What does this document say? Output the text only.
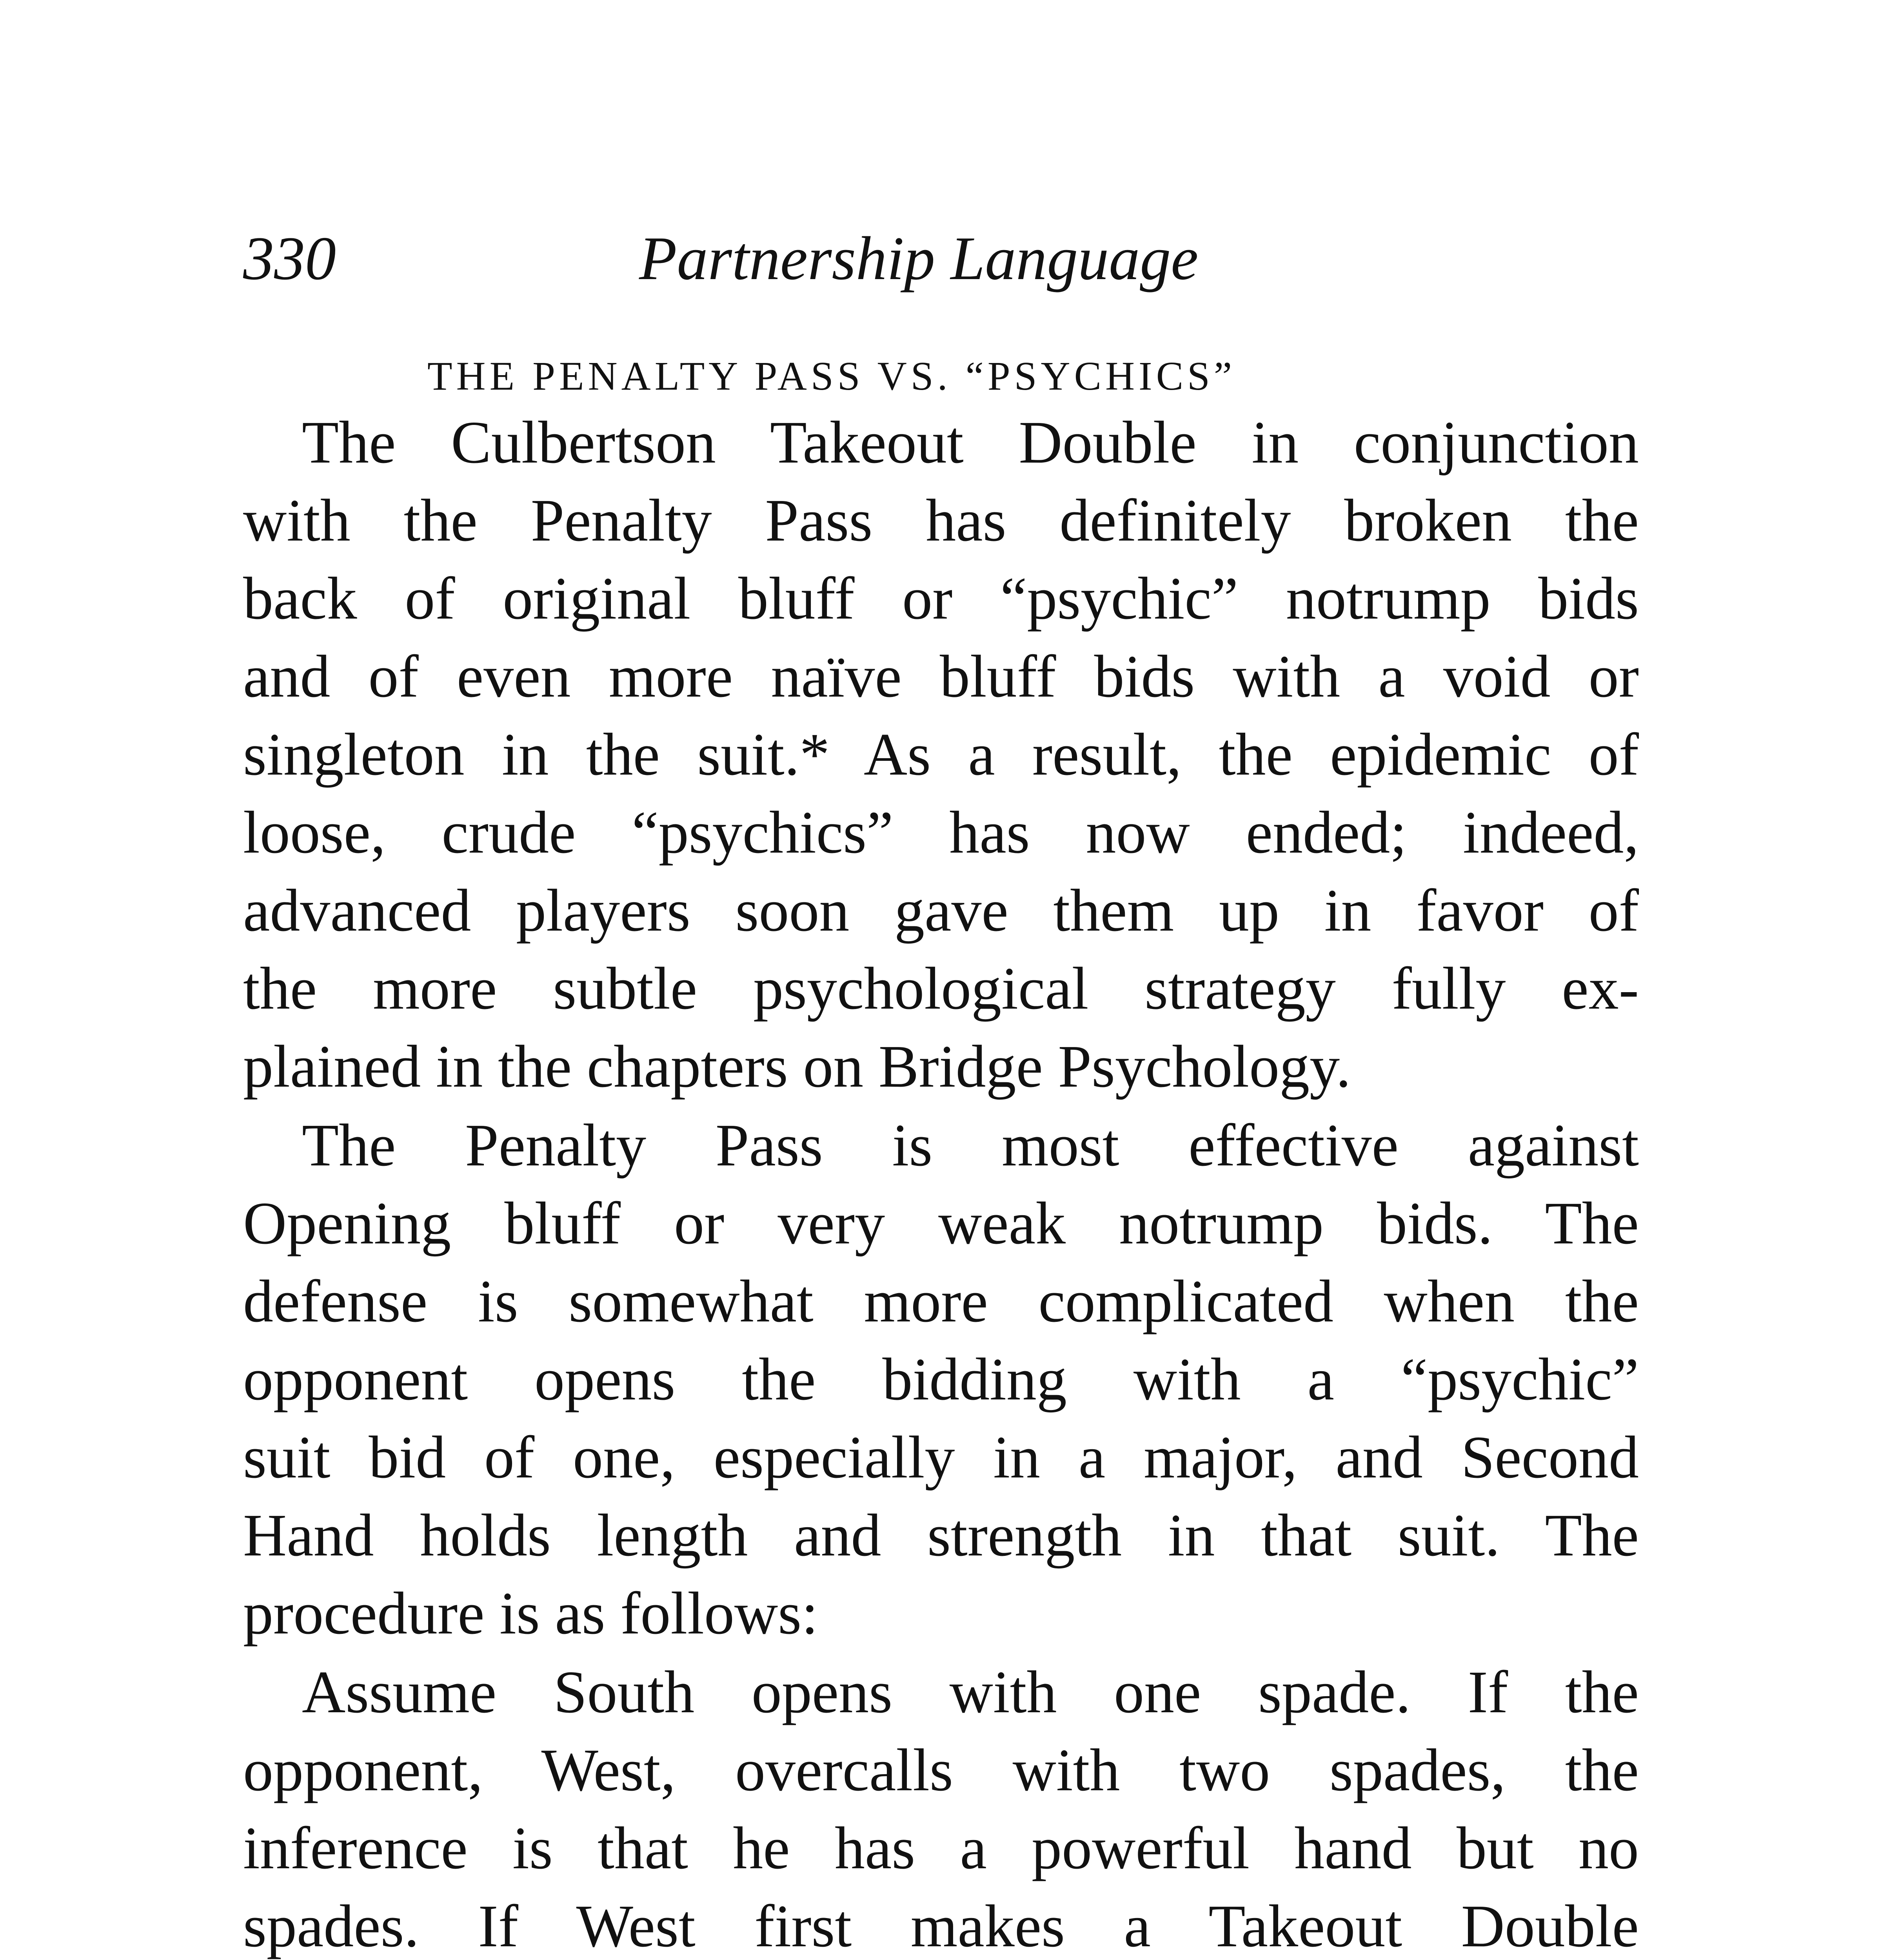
330	Partnership Language
THE PENALTY PASS VS. “PSYCHICS”

The Culbertson Takeout Double in conjunction
with the Penalty Pass has definitely broken the
back of original bluff or “psychic” notrump bids
and of even more naïve bluff bids with a void or
singleton in the suit.* As a result, the epidemic of
loose, crude “psychics” has now ended; indeed,
advanced players soon gave them up in favor of
the more subtle psychological strategy fully ex-
plained in the chapters on Bridge Psychology.

The Penalty Pass is most effective against
Opening bluff or very weak notrump bids. The
defense is somewhat more complicated when the
opponent opens the bidding with a “psychic”
suit bid of one, especially in a major, and Second
Hand holds length and strength in that suit. The
procedure is as follows:

Assume South opens with one spade. If the
opponent, West, overcalls with two spades, the
inference is that he has a powerful hand but no
spades. If West first makes a Takeout Double
